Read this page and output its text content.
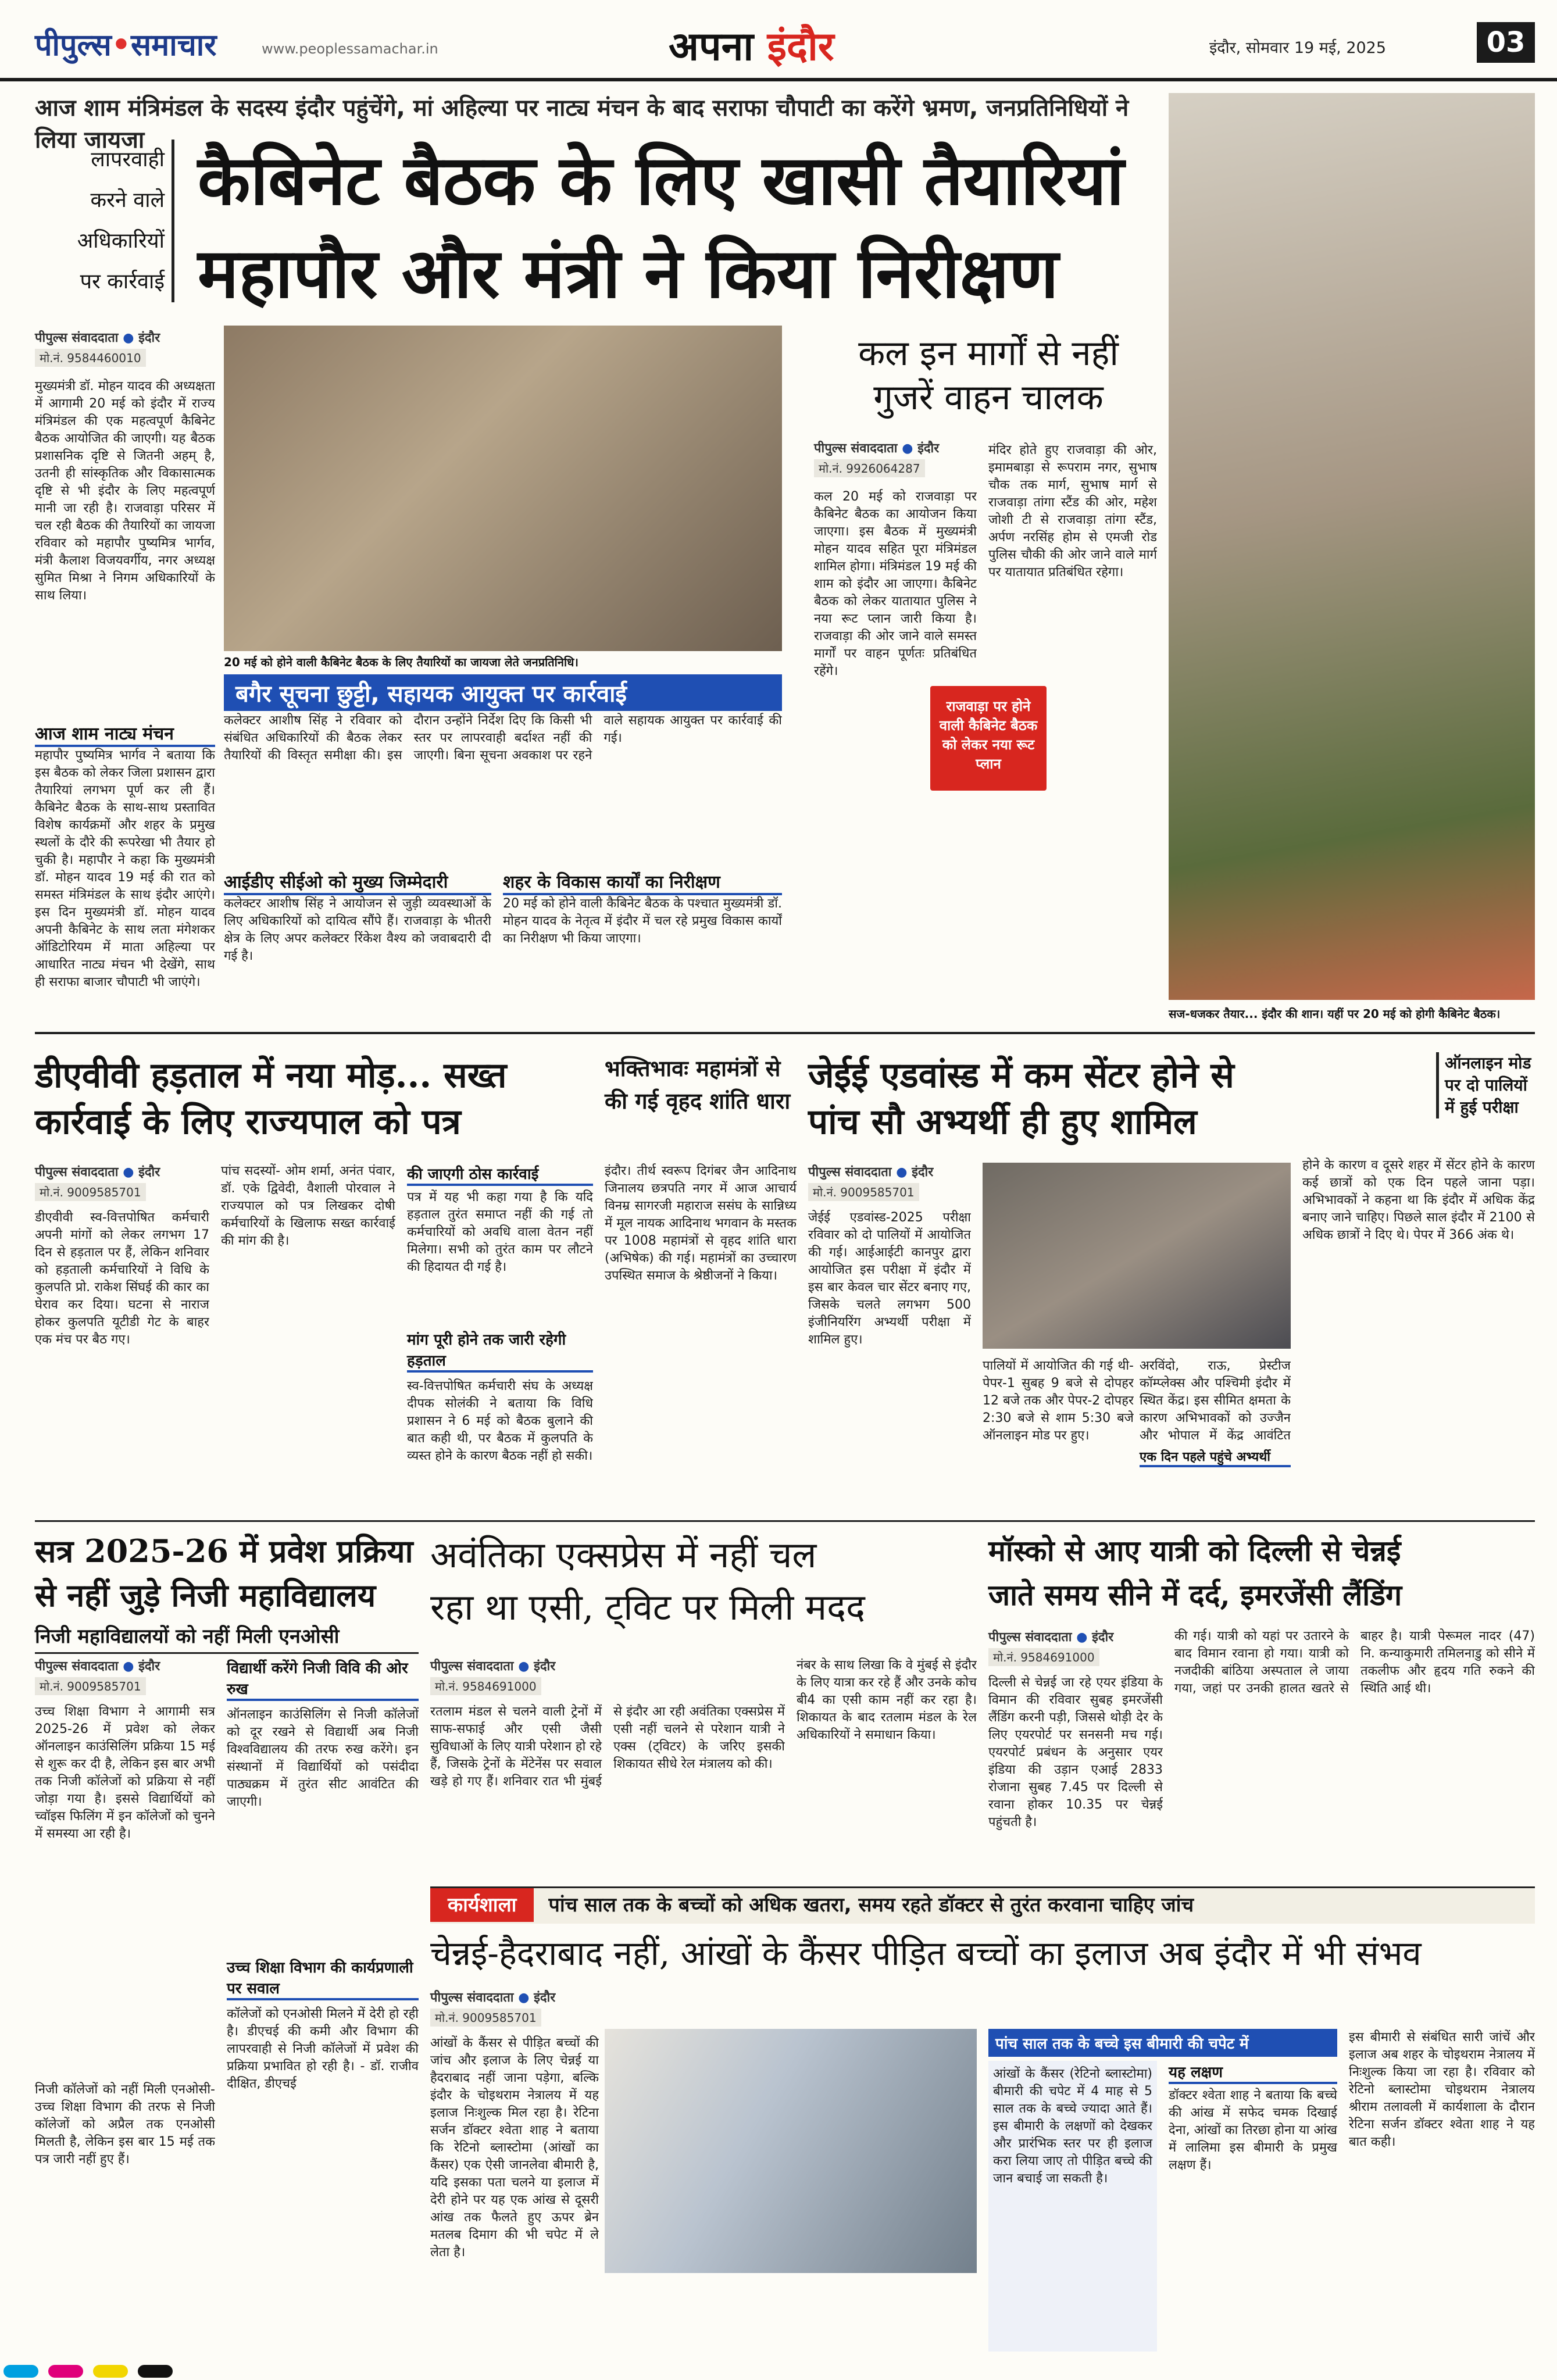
पीपुल्स•समाचार	www.peoplessamachar.in	अपना इंदौर	इंदौर, सोमवार 19 मई, 2025	03
आज शाम मंत्रिमंडल के सदस्य इंदौर पहुंचेंगे, मां अहिल्या पर नाट्य मंचन के बाद सराफा चौपाटी का करेंगे भ्रमण, जनप्रतिनिधियों ने लिया जायजा
लापरवाही
करने वाले
अधिकारियों
पर कार्रवाई
कैबिनेट बैठक के लिए खासी तैयारियां
महापौर और मंत्री ने किया निरीक्षण
पीपुल्स संवाददाता ● इंदौर
मो.नं. 9584460010
मुख्यमंत्री डॉ. मोहन यादव की अध्यक्षता में आगामी 20 मई को इंदौर में राज्य मंत्रिमंडल की एक महत्वपूर्ण कैबिनेट बैठक आयोजित की जाएगी। यह बैठक प्रशासनिक दृष्टि से जितनी अहम् है, उतनी ही सांस्कृतिक और विकासात्मक दृष्टि से भी इंदौर के लिए महत्वपूर्ण मानी जा रही है। राजवाड़ा परिसर में चल रही बैठक की तैयारियों का जायजा रविवार को महापौर पुष्यमित्र भार्गव, मंत्री कैलाश विजयवर्गीय, नगर अध्यक्ष सुमित मिश्रा ने निगम अधिकारियों के साथ लिया।
आज शाम नाट्य मंचन
महापौर पुष्यमित्र भार्गव ने बताया कि इस बैठक को लेकर जिला प्रशासन द्वारा तैयारियां लगभग पूर्ण कर ली हैं। कैबिनेट बैठक के साथ-साथ प्रस्तावित विशेष कार्यक्रमों और शहर के प्रमुख स्थलों के दौरे की रूपरेखा भी तैयार हो चुकी है। महापौर ने कहा कि मुख्यमंत्री डॉ. मोहन यादव 19 मई की रात को समस्त मंत्रिमंडल के साथ इंदौर आएंगे। इस दिन मुख्यमंत्री डॉ. मोहन यादव अपनी कैबिनेट के साथ लता मंगेशकर ऑडिटोरियम में माता अहिल्या पर आधारित नाट्य मंचन भी देखेंगे, साथ ही सराफा बाजार चौपाटी भी जाएंगे।
20 मई को होने वाली कैबिनेट बैठक के लिए तैयारियों का जायजा लेते जनप्रतिनिधि।
बगैर सूचना छुट्टी, सहायक आयुक्त पर कार्रवाई
कलेक्टर आशीष सिंह ने रविवार को संबंधित अधिकारियों की बैठक लेकर तैयारियों की विस्तृत समीक्षा की। इस दौरान उन्होंने निर्देश दिए कि किसी भी स्तर पर लापरवाही बर्दाश्त नहीं की जाएगी। बिना सूचना अवकाश पर रहने वाले सहायक आयुक्त पर कार्रवाई की गई।
आईडीए सीईओ को मुख्य जिम्मेदारी
कलेक्टर आशीष सिंह ने आयोजन से जुड़ी व्यवस्थाओं के लिए अधिकारियों को दायित्व सौंपे हैं। राजवाड़ा के भीतरी क्षेत्र के लिए अपर कलेक्टर रिंकेश वैश्य को जवाबदारी दी गई है।
शहर के विकास कार्यों का निरीक्षण
20 मई को होने वाली कैबिनेट बैठक के पश्चात मुख्यमंत्री डॉ. मोहन यादव के नेतृत्व में इंदौर में चल रहे प्रमुख विकास कार्यों का निरीक्षण भी किया जाएगा।
कल इन मार्गों से नहीं
गुजरें वाहन चालक
पीपुल्स संवाददाता ● इंदौर
मो.नं. 9926064287
कल 20 मई को राजवाड़ा पर कैबिनेट बैठक का आयोजन किया जाएगा। इस बैठक में मुख्यमंत्री मोहन यादव सहित पूरा मंत्रिमंडल शामिल होगा। मंत्रिमंडल 19 मई की शाम को इंदौर आ जाएगा। कैबिनेट बैठक को लेकर यातायात पुलिस ने नया रूट प्लान जारी किया है। राजवाड़ा की ओर जाने वाले समस्त मार्गों पर वाहन पूर्णतः प्रतिबंधित रहेंगे।
राजवाड़ा पर होने वाली कैबिनेट बैठक को लेकर नया रूट प्लान
मंदिर होते हुए राजवाड़ा की ओर, इमामबाड़ा से रूपराम नगर, सुभाष चौक तक मार्ग, सुभाष मार्ग से राजवाड़ा तांगा स्टैंड की ओर, महेश जोशी टी से राजवाड़ा तांगा स्टैंड, अर्पण नरसिंह होम से एमजी रोड पुलिस चौकी की ओर जाने वाले मार्ग पर यातायात प्रतिबंधित रहेगा।
सज-धजकर तैयार... इंदौर की शान। यहीं पर 20 मई को होगी कैबिनेट बैठक।
डीएवीवी हड़ताल में नया मोड़... सख्त
कार्रवाई के लिए राज्यपाल को पत्र
पीपुल्स संवाददाता ● इंदौर
मो.नं. 9009585701
डीएवीवी स्व-वित्तपोषित कर्मचारी अपनी मांगों को लेकर लगभग 17 दिन से हड़ताल पर हैं, लेकिन शनिवार को हड़ताली कर्मचारियों ने विधि के कुलपति प्रो. राकेश सिंघई की कार का घेराव कर दिया। घटना से नाराज होकर कुलपति यूटीडी गेट के बाहर एक मंच पर बैठ गए।
पांच सदस्यों- ओम शर्मा, अनंत पंवार, डॉ. एके द्विवेदी, वैशाली पोरवाल ने राज्यपाल को पत्र लिखकर दोषी कर्मचारियों के खिलाफ सख्त कार्रवाई की मांग की है।
की जाएगी ठोस कार्रवाई
पत्र में यह भी कहा गया है कि यदि हड़ताल तुरंत समाप्त नहीं की गई तो कर्मचारियों को अवधि वाला वेतन नहीं मिलेगा। सभी को तुरंत काम पर लौटने की हिदायत दी गई है।
मांग पूरी होने तक जारी रहेगी हड़ताल
स्व-वित्तपोषित कर्मचारी संघ के अध्यक्ष दीपक सोलंकी ने बताया कि विधि प्रशासन ने 6 मई को बैठक बुलाने की बात कही थी, पर बैठक में कुलपति के व्यस्त होने के कारण बैठक नहीं हो सकी।
भक्तिभावः महामंत्रों से की गई वृहद शांति धारा
इंदौर। तीर्थ स्वरूप दिगंबर जैन आदिनाथ जिनालय छत्रपति नगर में आज आचार्य विनम्र सागरजी महाराज ससंघ के सान्निध्य में मूल नायक आदिनाथ भगवान के मस्तक पर 1008 महामंत्रों से वृहद शांति धारा (अभिषेक) की गई। महामंत्रों का उच्चारण उपस्थित समाज के श्रेष्ठीजनों ने किया।
जेईई एडवांस्ड में कम सेंटर होने से
पांच सौ अभ्यर्थी ही हुए शामिल
ऑनलाइन मोड पर दो पालियों में हुई परीक्षा
पीपुल्स संवाददाता ● इंदौर
मो.नं. 9009585701
जेईई एडवांस्ड-2025 परीक्षा रविवार को दो पालियों में आयोजित की गई। आईआईटी कानपुर द्वारा आयोजित इस परीक्षा में इंदौर में इस बार केवल चार सेंटर बनाए गए, जिसके चलते लगभग 500 इंजीनियरिंग अभ्यर्थी परीक्षा में शामिल हुए।
पालियों में आयोजित की गई थी- पेपर-1 सुबह 9 बजे से दोपहर 12 बजे तक और पेपर-2 दोपहर 2:30 बजे से शाम 5:30 बजे ऑनलाइन मोड पर हुए।
अरविंदो, राऊ, प्रेस्टीज कॉम्प्लेक्स और पश्चिमी इंदौर में स्थित केंद्र। इस सीमित क्षमता के कारण अभिभावकों को उज्जैन और भोपाल में केंद्र आवंटित
एक दिन पहले पहुंचे अभ्यर्थी
होने के कारण व दूसरे शहर में सेंटर होने के कारण कई छात्रों को एक दिन पहले जाना पड़ा। अभिभावकों ने कहना था कि इंदौर में अधिक केंद्र बनाए जाने चाहिए। पिछले साल इंदौर में 2100 से अधिक छात्रों ने दिए थे। पेपर में 366 अंक थे।
सत्र 2025-26 में प्रवेश प्रक्रिया
से नहीं जुड़े निजी महाविद्यालय
निजी महाविद्यालयों को नहीं मिली एनओसी
पीपुल्स संवाददाता ● इंदौर
मो.नं. 9009585701
उच्च शिक्षा विभाग ने आगामी सत्र 2025-26 में प्रवेश को लेकर ऑनलाइन काउंसिलिंग प्रक्रिया 15 मई से शुरू कर दी है, लेकिन इस बार अभी तक निजी कॉलेजों को प्रक्रिया से नहीं जोड़ा गया है। इससे विद्यार्थियों को च्वॉइस फिलिंग में इन कॉलेजों को चुनने में समस्या आ रही है।
निजी कॉलेजों को नहीं मिली एनओसी- उच्च शिक्षा विभाग की तरफ से निजी कॉलेजों को अप्रैल तक एनओसी मिलती है, लेकिन इस बार 15 मई तक पत्र जारी नहीं हुए हैं।
विद्यार्थी करेंगे निजी विवि की ओर रुख
ऑनलाइन काउंसिलिंग से निजी कॉलेजों को दूर रखने से विद्यार्थी अब निजी विश्वविद्यालय की तरफ रुख करेंगे। इन संस्थानों में विद्यार्थियों को पसंदीदा पाठ्यक्रम में तुरंत सीट आवंटित की जाएगी।
उच्च शिक्षा विभाग की कार्यप्रणाली पर सवाल
कॉलेजों को एनओसी मिलने में देरी हो रही है। डीएचई की कमी और विभाग की लापरवाही से निजी कॉलेजों में प्रवेश की प्रक्रिया प्रभावित हो रही है। - डॉ. राजीव दीक्षित, डीएचई
अवंतिका एक्सप्रेस में नहीं चल
रहा था एसी, ट्विट पर मिली मदद
पीपुल्स संवाददाता ● इंदौर
मो.नं. 9584691000
रतलाम मंडल से चलने वाली ट्रेनों में साफ-सफाई और एसी जैसी सुविधाओं के लिए यात्री परेशान हो रहे हैं, जिसके ट्रेनों के मेंटेनेंस पर सवाल खड़े हो गए हैं। शनिवार रात भी मुंबई से इंदौर आ रही अवंतिका एक्सप्रेस में एसी नहीं चलने से परेशान यात्री ने एक्स (ट्विटर) के जरिए इसकी शिकायत सीधे रेल मंत्रालय को की।
नंबर के साथ लिखा कि वे मुंबई से इंदौर के लिए यात्रा कर रहे हैं और उनके कोच बी4 का एसी काम नहीं कर रहा है। शिकायत के बाद रतलाम मंडल के रेल अधिकारियों ने समाधान किया।
मॉस्को से आए यात्री को दिल्ली से चेन्नई
जाते समय सीने में दर्द, इमरजेंसी लैंडिंग
पीपुल्स संवाददाता ● इंदौर
मो.नं. 9584691000
दिल्ली से चेन्नई जा रहे एयर इंडिया के विमान की रविवार सुबह इमरजेंसी लैंडिंग करनी पड़ी, जिससे थोड़ी देर के लिए एयरपोर्ट पर सनसनी मच गई। एयरपोर्ट प्रबंधन के अनुसार एयर इंडिया की उड़ान एआई 2833 रोजाना सुबह 7.45 पर दिल्ली से रवाना होकर 10.35 पर चेन्नई पहुंचती है।
की गई। यात्री को यहां पर उतारने के बाद विमान रवाना हो गया। यात्री को नजदीकी बांठिया अस्पताल ले जाया गया, जहां पर उनकी हालत खतरे से बाहर है। यात्री पेरूमल नादर (47) नि. कन्याकुमारी तमिलनाडु को सीने में तकलीफ और हृदय गति रुकने की स्थिति आई थी।
कार्यशाला पांच साल तक के बच्चों को अधिक खतरा, समय रहते डॉक्टर से तुरंत करवाना चाहिए जांच
चेन्नई-हैदराबाद नहीं, आंखों के कैंसर पीड़ित बच्चों का इलाज अब इंदौर में भी संभव
पीपुल्स संवाददाता ● इंदौर
मो.नं. 9009585701
आंखों के कैंसर से पीड़ित बच्चों की जांच और इलाज के लिए चेन्नई या हैदराबाद नहीं जाना पड़ेगा, बल्कि इंदौर के चोइथराम नेत्रालय में यह इलाज निःशुल्क मिल रहा है। रेटिना सर्जन डॉक्टर श्वेता शाह ने बताया कि रेटिनो ब्लास्टोमा (आंखों का कैंसर) एक ऐसी जानलेवा बीमारी है, यदि इसका पता चलने या इलाज में देरी होने पर यह एक आंख से दूसरी आंख तक फैलते हुए ऊपर ब्रेन मतलब दिमाग की भी चपेट में ले लेता है।
पांच साल तक के बच्चे इस बीमारी की चपेट में
आंखों के कैंसर (रेटिनो ब्लास्टोमा) बीमारी की चपेट में 4 माह से 5 साल तक के बच्चे ज्यादा आते हैं। इस बीमारी के लक्षणों को देखकर और प्रारंभिक स्तर पर ही इलाज करा लिया जाए तो पीड़ित बच्चे की जान बचाई जा सकती है।
यह लक्षण
डॉक्टर श्वेता शाह ने बताया कि बच्चे की आंख में सफेद चमक दिखाई देना, आंखों का तिरछा होना या आंख में लालिमा इस बीमारी के प्रमुख लक्षण हैं।
इस बीमारी से संबंधित सारी जांचें और इलाज अब शहर के चोइथराम नेत्रालय में निःशुल्क किया जा रहा है। रविवार को रेटिनो ब्लास्टोमा चोइथराम नेत्रालय श्रीराम तलावली में कार्यशाला के दौरान रेटिना सर्जन डॉक्टर श्वेता शाह ने यह बात कही।
